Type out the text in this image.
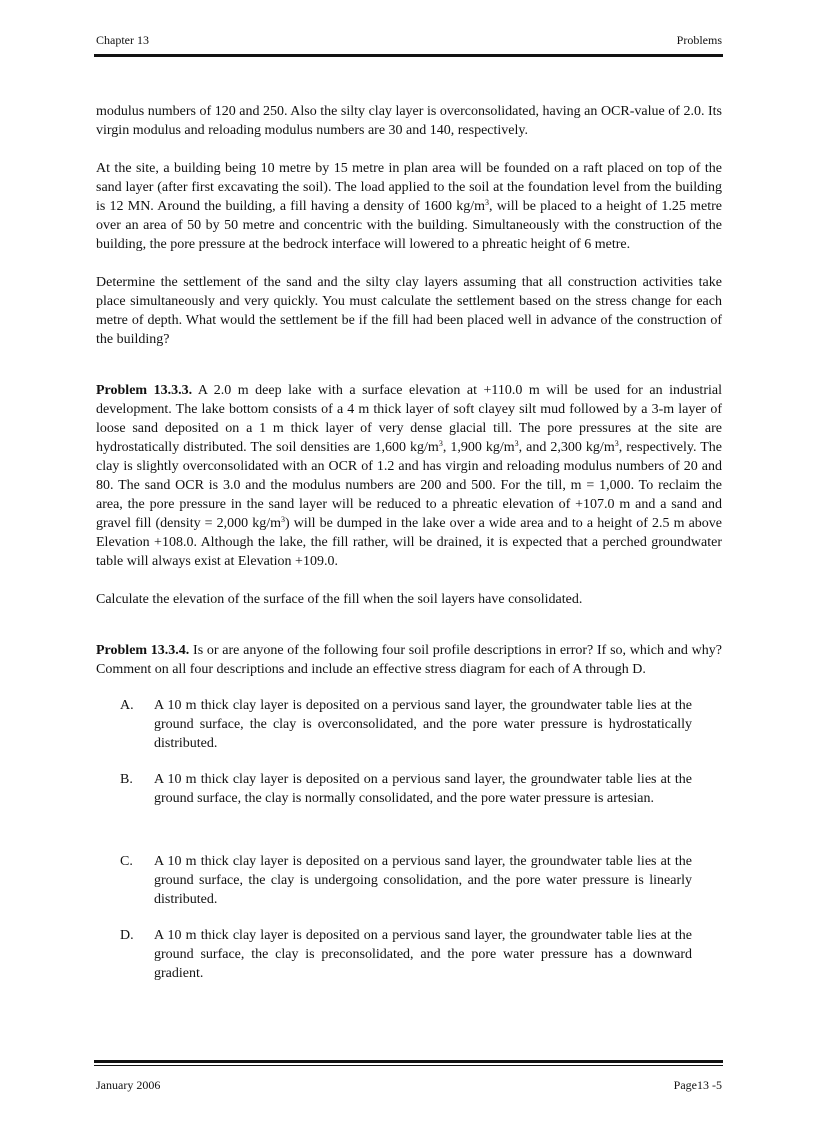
Chapter 13	Problems

modulus numbers of 120 and 250. Also the silty clay layer is overconsolidated, having an OCR-value of 2.0. Its virgin modulus and reloading modulus numbers are 30 and 140, respectively.

At the site, a building being 10 metre by 15 metre in plan area will be founded on a raft placed on top of the sand layer (after first excavating the soil). The load applied to the soil at the foundation level from the building is 12 MN. Around the building, a fill having a density of 1600 $kg/m^3$, will be placed to a height of 1.25 metre over an area of 50 by 50 metre and concentric with the building. Simultaneously with the construction of the building, the pore pressure at the bedrock interface will lowered to a phreatic height of 6 metre.

Determine the settlement of the sand and the silty clay layers assuming that all construction activities take place simultaneously and very quickly. You must calculate the settlement based on the stress change for each metre of depth. What would the settlement be if the fill had been placed well in advance of the construction of the building?

Problem 13.3.3. A 2.0 m deep lake with a surface elevation at +110.0 m will be used for an industrial development. The lake bottom consists of a 4 m thick layer of soft clayey silt mud followed by a 3-m layer of loose sand deposited on a 1 m thick layer of very dense glacial till. The pore pressures at the site are hydrostatically distributed. The soil densities are 1,600 $kg/m^3$, 1,900 $kg/m^3$, and 2,300 $kg/m^3$, respectively. The clay is slightly overconsolidated with an OCR of 1.2 and has virgin and reloading modulus numbers of 20 and 80. The sand OCR is 3.0 and the modulus numbers are 200 and 500. For the till, m = 1,000. To reclaim the area, the pore pressure in the sand layer will be reduced to a phreatic elevation of +107.0 m and a sand and gravel fill (density = 2,000 $kg/m^3$) will be dumped in the lake over a wide area and to a height of 2.5 m above Elevation +108.0. Although the lake, the fill rather, will be drained, it is expected that a perched groundwater table will always exist at Elevation +109.0.

Calculate the elevation of the surface of the fill when the soil layers have consolidated.

Problem 13.3.4. Is or are anyone of the following four soil profile descriptions in error? If so, which and why? Comment on all four descriptions and include an effective stress diagram for each of A through D.

A.	A 10 m thick clay layer is deposited on a pervious sand layer, the groundwater table lies at the ground surface, the clay is overconsolidated, and the pore water pressure is hydrostatically distributed.
B.	A 10 m thick clay layer is deposited on a pervious sand layer, the groundwater table lies at the ground surface, the clay is normally consolidated, and the pore water pressure is artesian.
C.	A 10 m thick clay layer is deposited on a pervious sand layer, the groundwater table lies at the ground surface, the clay is undergoing consolidation, and the pore water pressure is linearly distributed.
D.	A 10 m thick clay layer is deposited on a pervious sand layer, the groundwater table lies at the ground surface, the clay is preconsolidated, and the pore water pressure has a downward gradient.
January 2006	Page13 -5
